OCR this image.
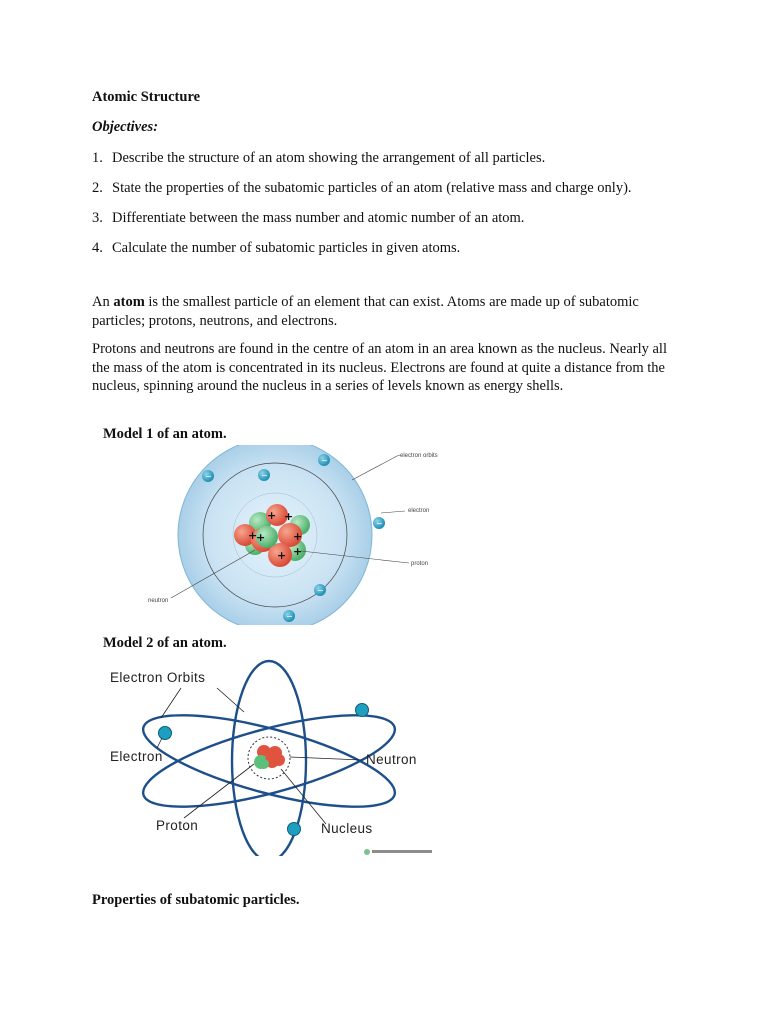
Atomic Structure
Objectives:
1. Describe the structure of an atom showing the arrangement of all particles.
2. State the properties of the subatomic particles of an atom (relative mass and charge only).
3. Differentiate between the mass number and atomic number of an atom.
4. Calculate the number of subatomic particles in given atoms.

An atom is the smallest particle of an element that can exist. Atoms are made up of subatomic particles; protons, neutrons, and electrons.

Protons and neutrons are found in the centre of an atom in an area known as the nucleus. Nearly all the mass of the atom is concentrated in its nucleus. Electrons are found at quite a distance from the nucleus, spinning around the nucleus in a series of levels known as energy shells.

Model 1 of an atom.
+
+
+
+ +
+
+
−	−
−
−
−
−
electron orbits
electron
proton
neutron
Model 2 of an atom.
Electron Orbits
Electron	Neutron
Proton	Nucleus
Properties of subatomic particles.
